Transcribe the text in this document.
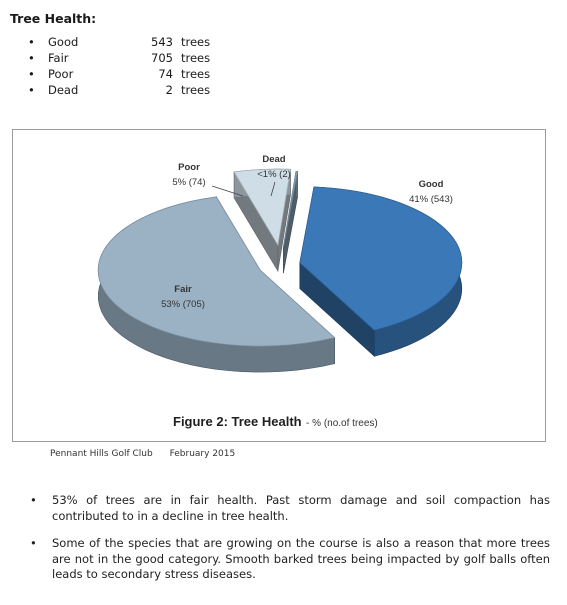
Tree Health:
• Good	543 trees
• Fair	705 trees
• Poor	74 trees
• Dead	2 trees
Good
41% (543)
Fair
53% (705)
Poor
5% (74)
Dead
<1% (2)
Figure 2: Tree Health - % (no.of trees)
Pennant Hills Golf Club February 2015
• 53% of trees are in fair health. Past storm damage and soil compaction has contributed to in a decline in tree health.
• Some of the species that are growing on the course is also a reason that more trees are not in the good category. Smooth barked trees being impacted by golf balls often leads to secondary stress diseases.
